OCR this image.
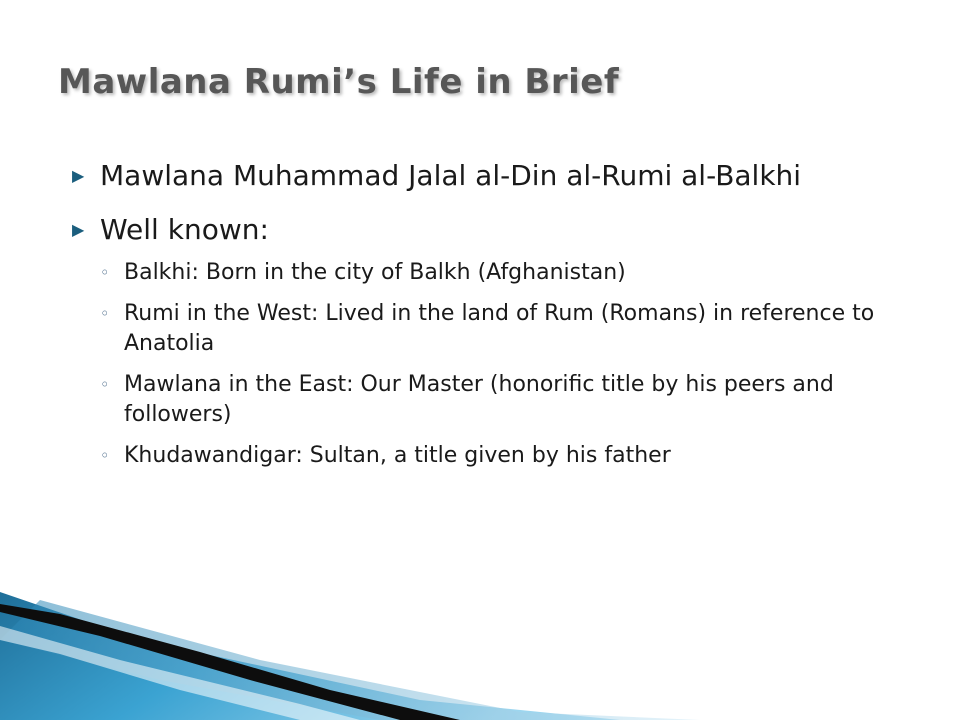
Mawlana Rumi’s Life in Brief
▶ Mawlana Muhammad Jalal al-Din al-Rumi al-Balkhi
▶ Well known:
◦ Balkhi: Born in the city of Balkh (Afghanistan)
◦ Rumi in the West: Lived in the land of Rum (Romans) in reference to Anatolia
◦ Mawlana in the East: Our Master (honorific title by his peers and followers)
◦ Khudawandigar: Sultan, a title given by his father
